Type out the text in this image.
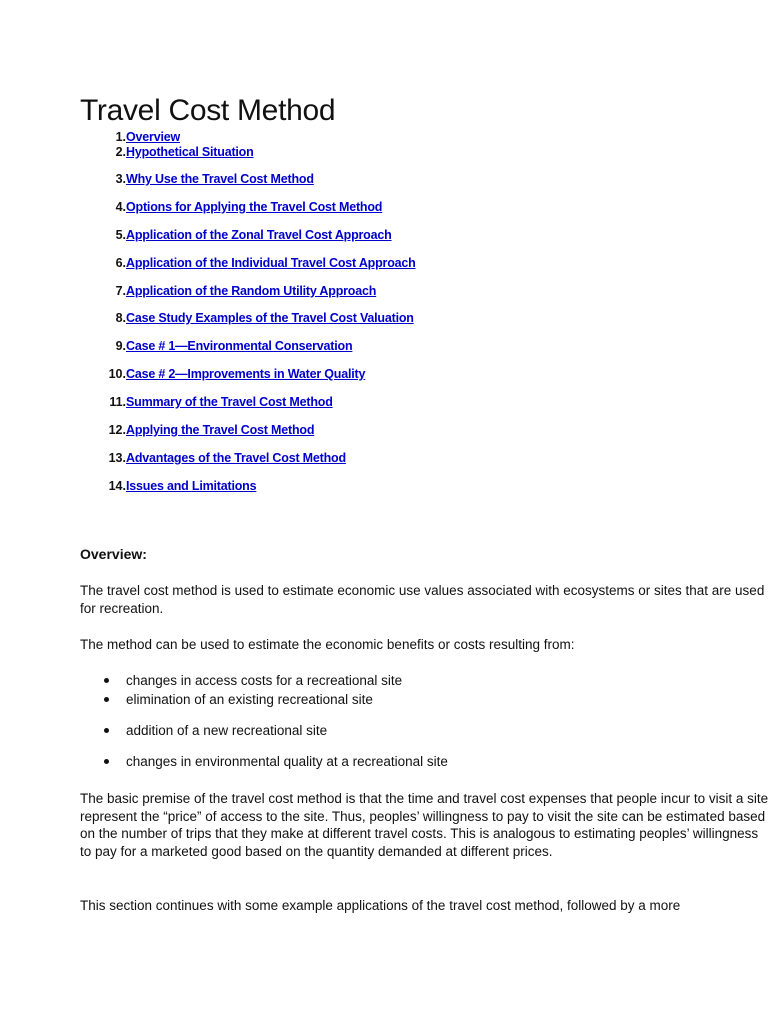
Travel Cost Method
1. Overview
2. Hypothetical Situation
3. Why Use the Travel Cost Method
4. Options for Applying the Travel Cost Method
5. Application of the Zonal Travel Cost Approach
6. Application of the Individual Travel Cost Approach
7. Application of the Random Utility Approach
8. Case Study Examples of the Travel Cost Valuation
9. Case # 1—Environmental Conservation
10. Case # 2—Improvements in Water Quality
11. Summary of the Travel Cost Method
12. Applying the Travel Cost Method
13. Advantages of the Travel Cost Method
14. Issues and Limitations
Overview:

The travel cost method is used to estimate economic use values associated with ecosystems or sites that are used for recreation.

The method can be used to estimate the economic benefits or costs resulting from:

changes in access costs for a recreational site
elimination of an existing recreational site
addition of a new recreational site
changes in environmental quality at a recreational site

The basic premise of the travel cost method is that the time and travel cost expenses that people incur to visit a site represent the “price” of access to the site. Thus, peoples’ willingness to pay to visit the site can be estimated based on the number of trips that they make at different travel costs. This is analogous to estimating peoples’ willingness to pay for a marketed good based on the quantity demanded at different prices.

This section continues with some example applications of the travel cost method, followed by a more
